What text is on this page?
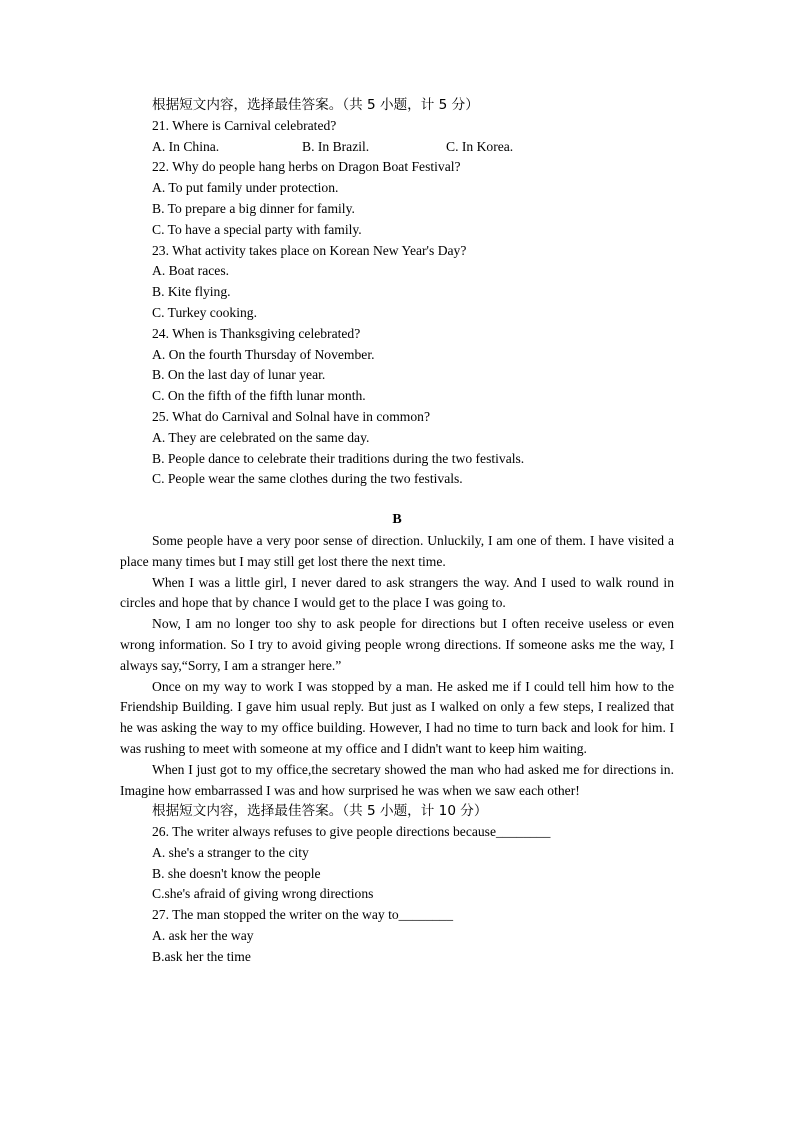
根据短文内容，选择最佳答案。（共 5 小题，计 5 分）
21. Where is Carnival celebrated?
A. In China.	B. In Brazil.	C. In Korea.
22. Why do people hang herbs on Dragon Boat Festival?
A. To put family under protection.
B. To prepare a big dinner for family.
C. To have a special party with family.
23. What activity takes place on Korean New Year's Day?
A. Boat races.
B. Kite flying.
C. Turkey cooking.
24. When is Thanksgiving celebrated?
A. On the fourth Thursday of November.
B. On the last day of lunar year.
C. On the fifth of the fifth lunar month.
25. What do Carnival and Solnal have in common?
A. They are celebrated on the same day.
B. People dance to celebrate their traditions during the two festivals.
C. People wear the same clothes during the two festivals.
B

Some people have a very poor sense of direction. Unluckily, I am one of them. I have visited a place many times but I may still get lost there the next time.

When I was a little girl, I never dared to ask strangers the way. And I used to walk round in circles and hope that by chance I would get to the place I was going to.

Now, I am no longer too shy to ask people for directions but I often receive useless or even wrong information. So I try to avoid giving people wrong directions. If someone asks me the way, I always say,“Sorry, I am a stranger here.”

Once on my way to work I was stopped by a man. He asked me if I could tell him how to the Friendship Building. I gave him usual reply. But just as I walked on only a few steps, I realized that he was asking the way to my office building. However, I had no time to turn back and look for him. I was rushing to meet with someone at my office and I didn't want to keep him waiting.

When I just got to my office,the secretary showed the man who had asked me for directions in. Imagine how embarrassed I was and how surprised he was when we saw each other!

根据短文内容，选择最佳答案。（共 5 小题，计 10 分）
26. The writer always refuses to give people directions because________
A. she's a stranger to the city
B. she doesn't know the people
C.she's afraid of giving wrong directions
27. The man stopped the writer on the way to________
A. ask her the way
B.ask her the time
